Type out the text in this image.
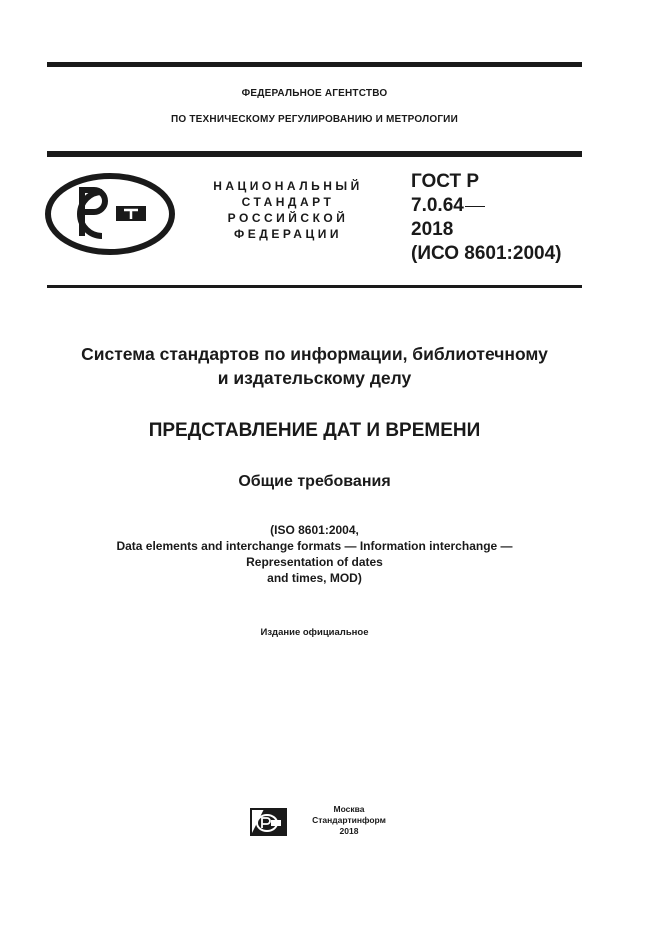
ФЕДЕРАЛЬНОЕ АГЕНТСТВО
ПО ТЕХНИЧЕСКОМУ РЕГУЛИРОВАНИЮ И МЕТРОЛОГИИ
НАЦИОНАЛЬНЫЙ
СТАНДАРТ
РОССИЙСКОЙ
ФЕДЕРАЦИИ
ГОСТ Р
7.0.64
2018
(ИСО 8601:2004)
Система стандартов по информации, библиотечному
и издательскому делу
ПРЕДСТАВЛЕНИЕ ДАТ И ВРЕМЕНИ
Общие требования
(ISO 8601:2004,
Data elements and interchange formats — Information interchange —
Representation of dates
and times, MOD)
Издание официальное
Москва
Стандартинформ
2018
